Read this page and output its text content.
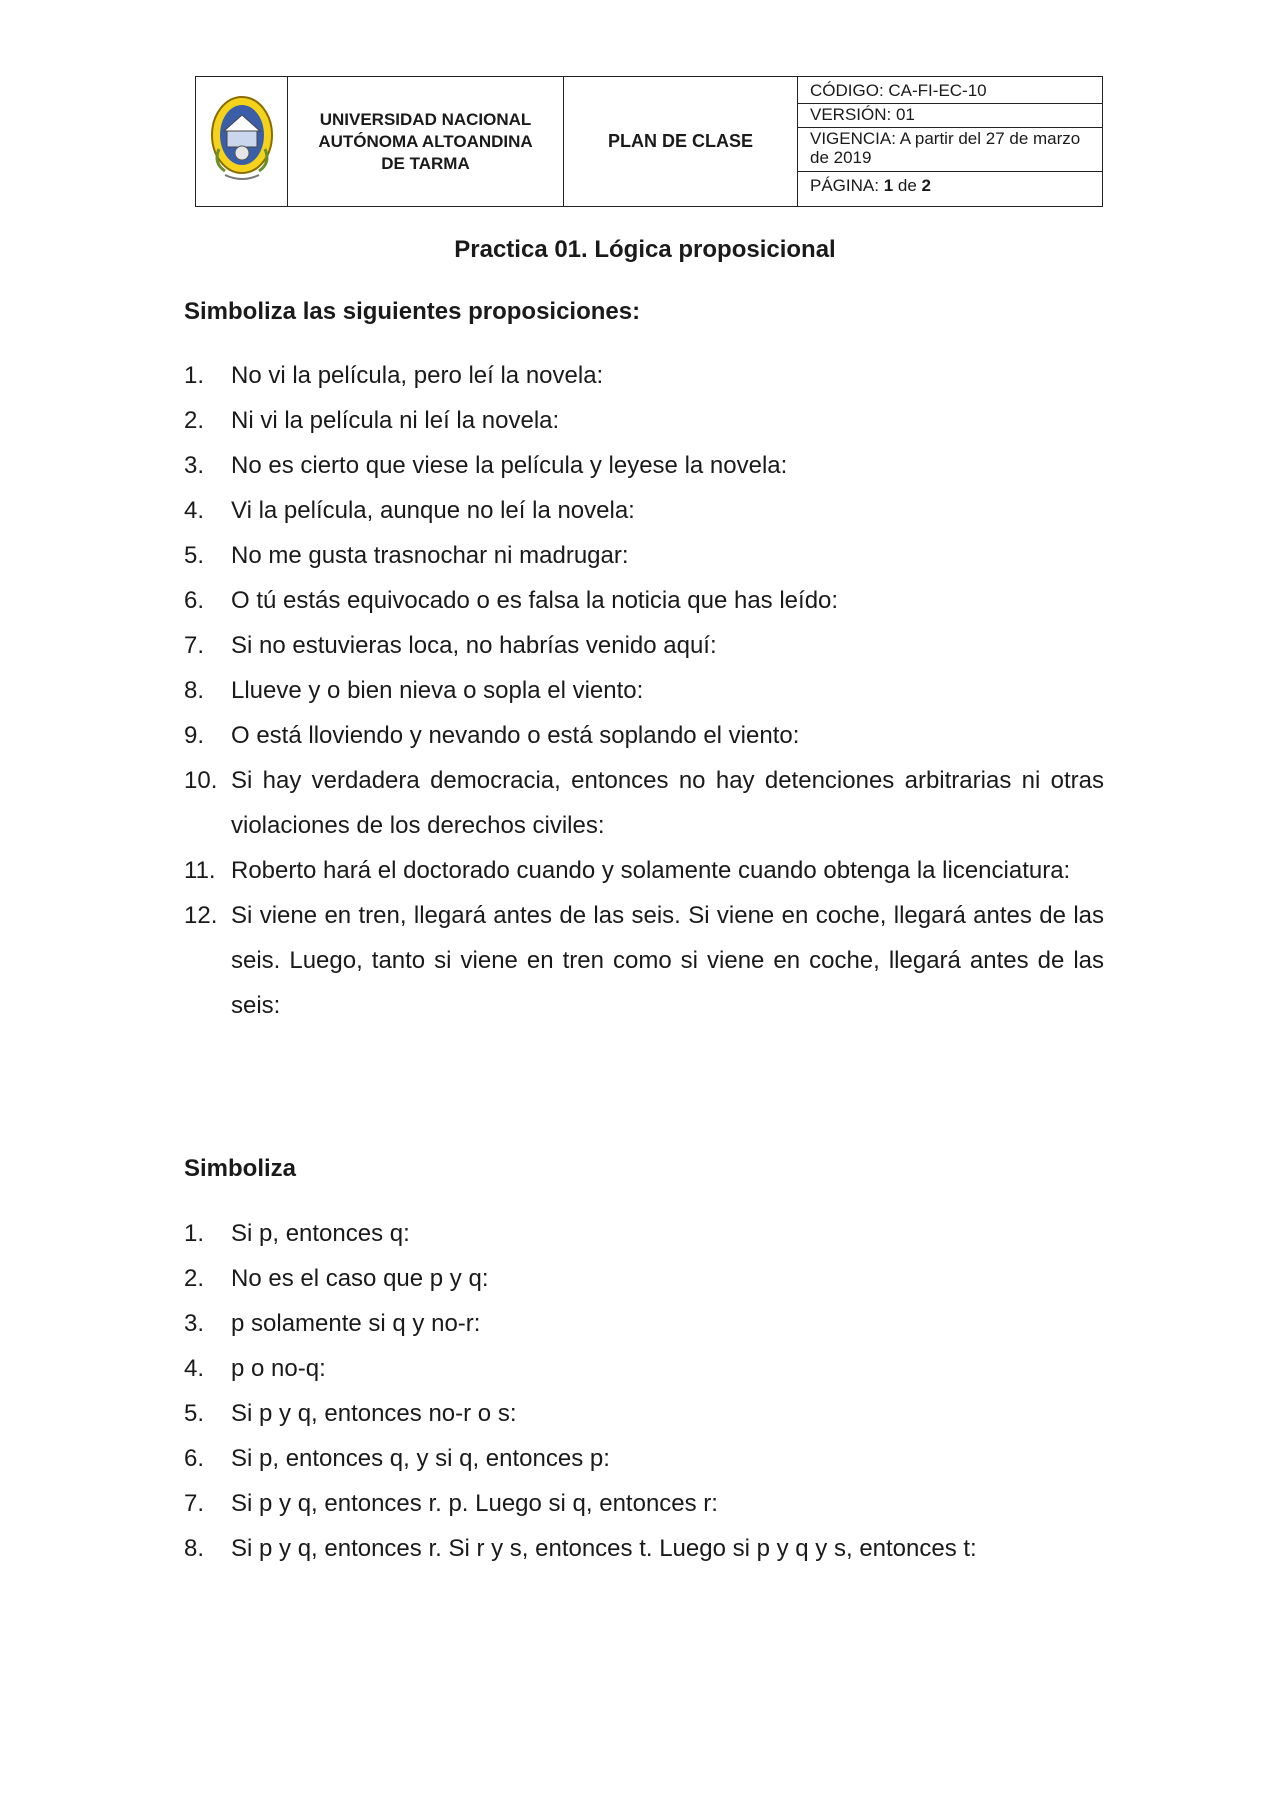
UNIVERSIDAD NACIONAL
AUTÓNOMA ALTOANDINA
DE TARMA
	PLAN DE CLASE	
CÓDIGO: CA-FI-EC-10
VERSIÓN: 01
VIGENCIA: A partir del 27 de marzo de 2019
PÁGINA: 1 de 2

Practica 01. Lógica proposicional
Simboliza las siguientes proposiciones:
1. No vi la película, pero leí la novela:
2. Ni vi la película ni leí la novela:
3. No es cierto que viese la película y leyese la novela:
4. Vi la película, aunque no leí la novela:
5. No me gusta trasnochar ni madrugar:
6. O tú estás equivocado o es falsa la noticia que has leído:
7. Si no estuvieras loca, no habrías venido aquí:
8. Llueve y o bien nieva o sopla el viento:
9. O está lloviendo y nevando o está soplando el viento:
10. Si hay verdadera democracia, entonces no hay detenciones arbitrarias ni otras violaciones de los derechos civiles:
11. Roberto hará el doctorado cuando y solamente cuando obtenga la licenciatura:
12. Si viene en tren, llegará antes de las seis. Si viene en coche, llegará antes de las seis. Luego, tanto si viene en tren como si viene en coche, llegará antes de las seis:
Simboliza
1. Si p, entonces q:
2. No es el caso que p y q:
3. p solamente si q y no-r:
4. p o no-q:
5. Si p y q, entonces no-r o s:
6. Si p, entonces q, y si q, entonces p:
7. Si p y q, entonces r. p. Luego si q, entonces r:
8. Si p y q, entonces r. Si r y s, entonces t. Luego si p y q y s, entonces t:
